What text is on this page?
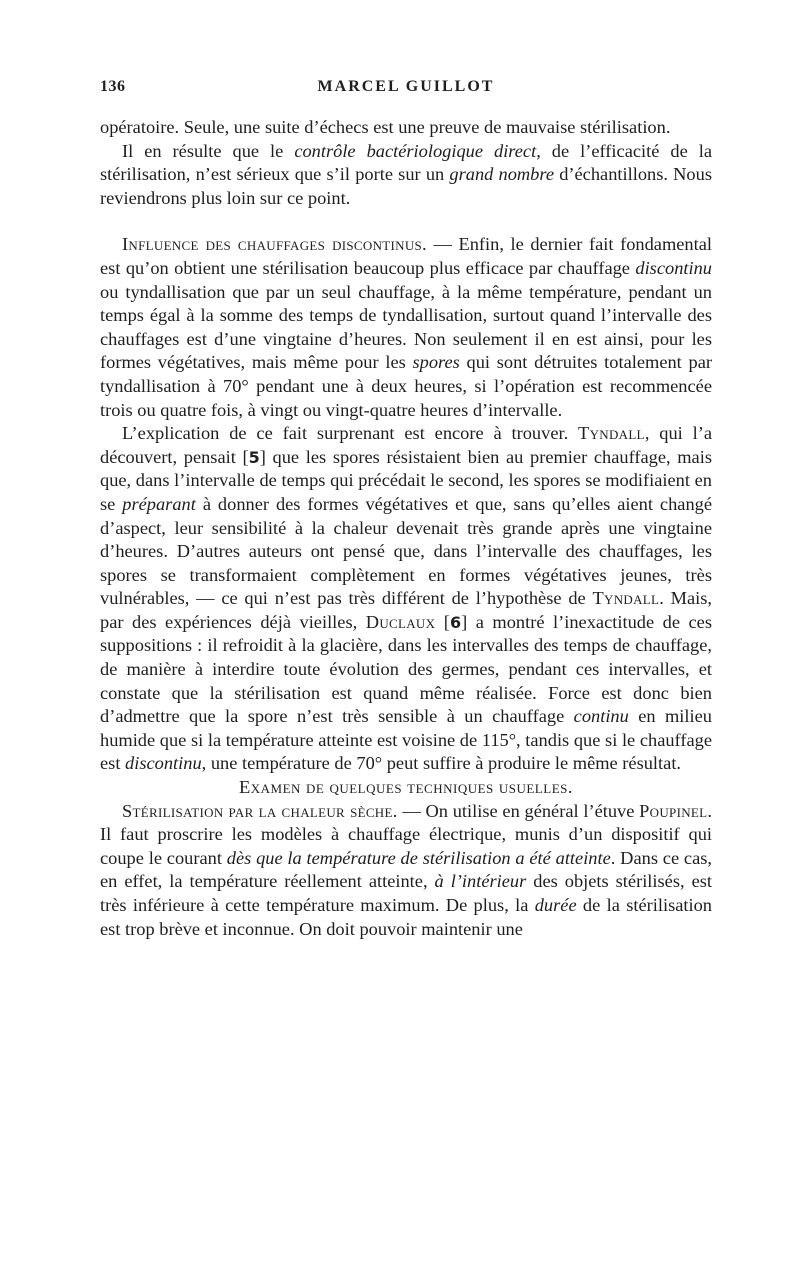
136	MARCEL GUILLOT

opératoire. Seule, une suite d’échecs est une preuve de mauvaise stérilisation.

Il en résulte que le contrôle bactériologique direct, de l’efficacité de la stérilisation, n’est sérieux que s’il porte sur un grand nombre d’échantillons. Nous reviendrons plus loin sur ce point.

Influence des chauffages discontinus. — Enfin, le dernier fait fondamental est qu’on obtient une stérilisation beaucoup plus efficace par chauffage discontinu ou tyndallisation que par un seul chauffage, à la même température, pendant un temps égal à la somme des temps de tyndallisation, surtout quand l’intervalle des chauffages est d’une vingtaine d’heures. Non seulement il en est ainsi, pour les formes végétatives, mais même pour les spores qui sont détruites totalement par tyndallisation à 70° pendant une à deux heures, si l’opération est recommencée trois ou quatre fois, à vingt ou vingt-quatre heures d’intervalle.

L’explication de ce fait surprenant est encore à trouver. Tyndall, qui l’a découvert, pensait [5] que les spores résistaient bien au premier chauffage, mais que, dans l’intervalle de temps qui précédait le second, les spores se modifiaient en se préparant à donner des formes végétatives et que, sans qu’elles aient changé d’aspect, leur sensibilité à la chaleur devenait très grande après une vingtaine d’heures. D’autres auteurs ont pensé que, dans l’intervalle des chauffages, les spores se transformaient complètement en formes végétatives jeunes, très vulnérables, — ce qui n’est pas très différent de l’hypothèse de Tyndall. Mais, par des expériences déjà vieilles, Duclaux [6] a montré l’inexactitude de ces suppositions : il refroidit à la glacière, dans les intervalles des temps de chauffage, de manière à interdire toute évolution des germes, pendant ces intervalles, et constate que la stérilisation est quand même réalisée. Force est donc bien d’admettre que la spore n’est très sensible à un chauffage continu en milieu humide que si la température atteinte est voisine de 115°, tandis que si le chauffage est discontinu, une température de 70° peut suffire à produire le même résultat.

Examen de quelques techniques usuelles.

Stérilisation par la chaleur sèche. — On utilise en général l’étuve Poupinel. Il faut proscrire les modèles à chauffage électrique, munis d’un dispositif qui coupe le courant dès que la température de stérilisation a été atteinte. Dans ce cas, en effet, la température réellement atteinte, à l’intérieur des objets stérilisés, est très inférieure à cette température maximum. De plus, la durée de la stérilisation est trop brève et inconnue. On doit pouvoir maintenir une
